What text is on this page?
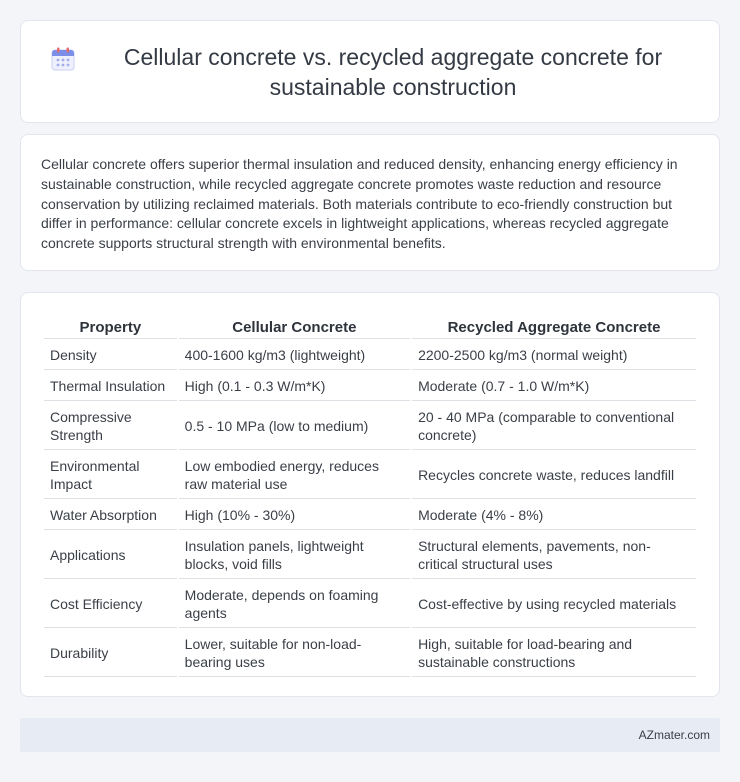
Cellular concrete vs. recycled aggregate concrete for sustainable construction

Cellular concrete offers superior thermal insulation and reduced density, enhancing energy efficiency in sustainable construction, while recycled aggregate concrete promotes waste reduction and resource conservation by utilizing reclaimed materials. Both materials contribute to eco-friendly construction but differ in performance: cellular concrete excels in lightweight applications, whereas recycled aggregate concrete supports structural strength with environmental benefits.

Property	Cellular Concrete	Recycled Aggregate Concrete
Density	400-1600 kg/m3 (lightweight)	2200-2500 kg/m3 (normal weight)
Thermal Insulation	High (0.1 - 0.3 W/m*K)	Moderate (0.7 - 1.0 W/m*K)
Compressive Strength	0.5 - 10 MPa (low to medium)	20 - 40 MPa (comparable to conventional concrete)
Environmental Impact	Low embodied energy, reduces raw material use	Recycles concrete waste, reduces landfill
Water Absorption	High (10% - 30%)	Moderate (4% - 8%)
Applications	Insulation panels, lightweight blocks, void fills	Structural elements, pavements, non-critical structural uses
Cost Efficiency	Moderate, depends on foaming agents	Cost-effective by using recycled materials
Durability	Lower, suitable for non-load-bearing uses	High, suitable for load-bearing and sustainable constructions
AZmater.com
